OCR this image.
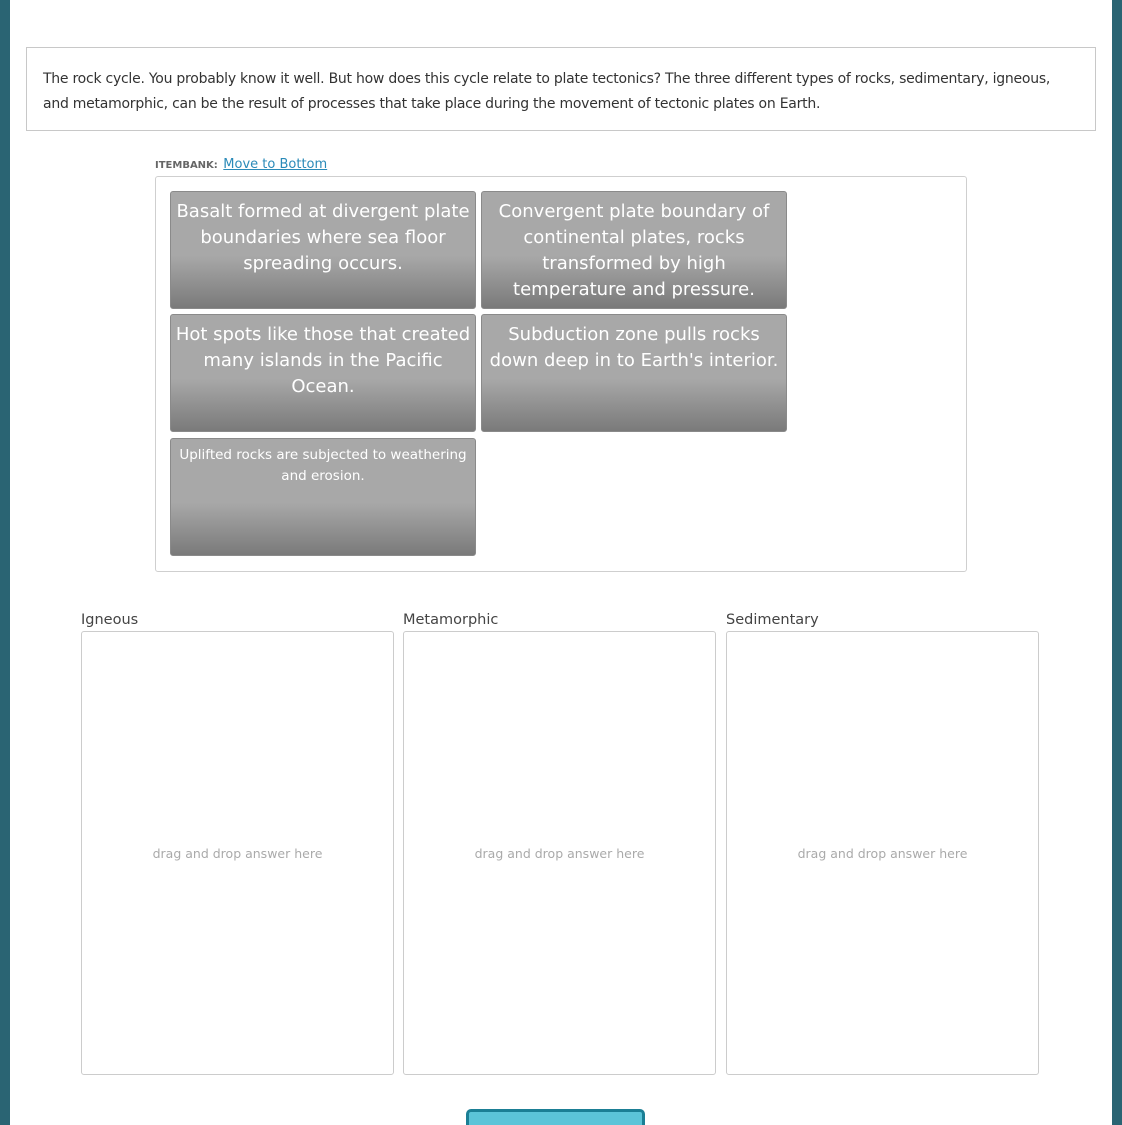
The rock cycle. You probably know it well. But how does this cycle relate to plate tectonics? The three different types of rocks, sedimentary, igneous, and metamorphic, can be the result of processes that take place during the movement of tectonic plates on Earth.
ITEMBANK: Move to Bottom
Basalt formed at divergent plate boundaries where sea floor spreading occurs.
Convergent plate boundary of continental plates, rocks transformed by high temperature and pressure.
Hot spots like those that created many islands in the Pacific Ocean.
Subduction zone pulls rocks down deep in to Earth's interior.
Uplifted rocks are subjected to weathering and erosion.
Igneous
drag and drop answer here
Metamorphic
drag and drop answer here
Sedimentary
drag and drop answer here
